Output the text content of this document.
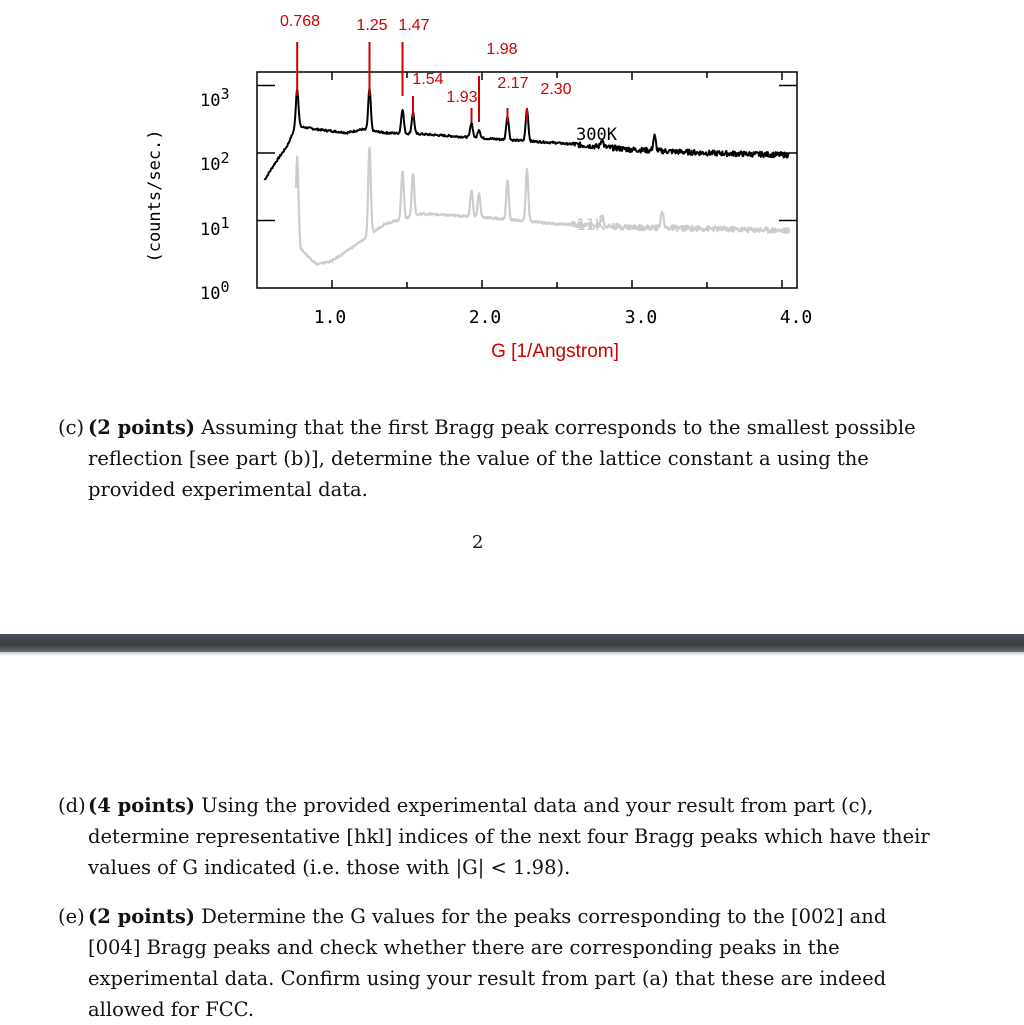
0.768 1.25 1.47
1.98
1.54	2.17 2.30
1.93
103
102
101
100
1.0	2.0	3.0	4.0
G [1/Angstrom]
(counts/sec.)	300K
11K
(c) (2 points) Assuming that the first Bragg peak corresponds to the smallest possible reflection [see part (b)], determine the value of the lattice constant a using the provided experimental data.
2
(d) (4 points) Using the provided experimental data and your result from part (c), determine representative [hkl] indices of the next four Bragg peaks which have their values of G indicated (i.e. those with |G| < 1.98).
(e) (2 points) Determine the G values for the peaks corresponding to the [002] and [004] Bragg peaks and check whether there are corresponding peaks in the experimental data. Confirm using your result from part (a) that these are indeed allowed for FCC.
